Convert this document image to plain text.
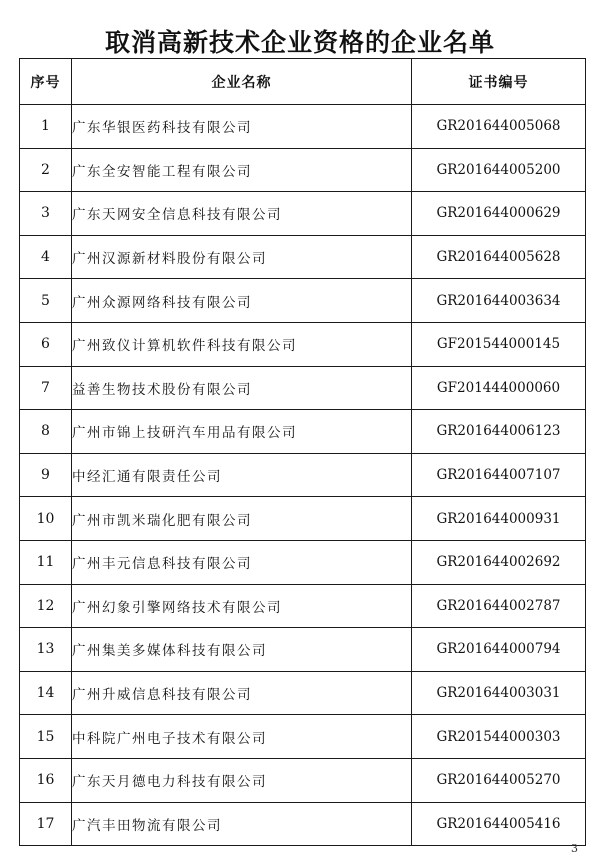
取消高新技术企业资格的企业名单
序号	企业名称	证书编号
1	广东华银医药科技有限公司	GR201644005068
2	广东全安智能工程有限公司	GR201644005200
3	广东天网安全信息科技有限公司	GR201644000629
4	广州汉源新材料股份有限公司	GR201644005628
5	广州众源网络科技有限公司	GR201644003634
6	广州致仪计算机软件科技有限公司	GF201544000145
7	益善生物技术股份有限公司	GF201444000060
8	广州市锦上技研汽车用品有限公司	GR201644006123
9	中经汇通有限责任公司	GR201644007107
10	广州市凯米瑞化肥有限公司	GR201644000931
11	广州丰元信息科技有限公司	GR201644002692
12	广州幻象引擎网络技术有限公司	GR201644002787
13	广州集美多媒体科技有限公司	GR201644000794
14	广州升威信息科技有限公司	GR201644003031
15	中科院广州电子技术有限公司	GR201544000303
16	广东天月德电力科技有限公司	GR201644005270
17	广汽丰田物流有限公司	GR201644005416
3
